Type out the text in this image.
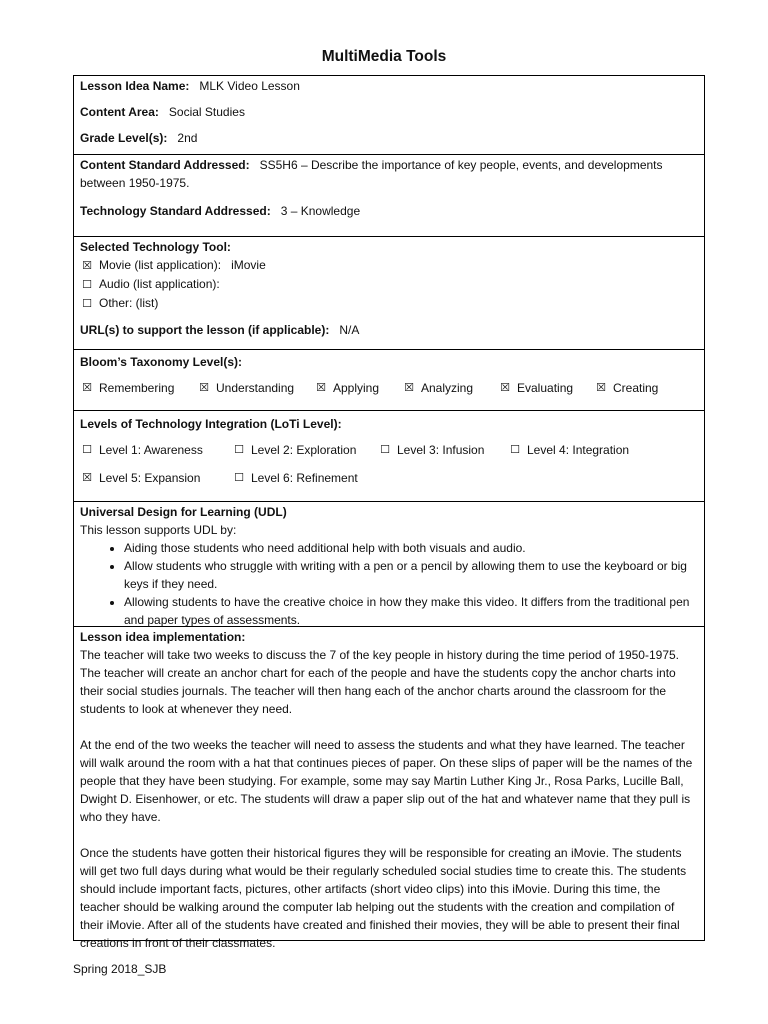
MultiMedia Tools
Lesson Idea Name: MLK Video Lesson
Content Area: Social Studies
Grade Level(s): 2nd
Content Standard Addressed: SS5H6 – Describe the importance of key people, events, and developments
between 1950-1975.
Technology Standard Addressed: 3 – Knowledge
Selected Technology Tool:
☒ Movie (list application): iMovie
☐ Audio (list application):
☐ Other: (list)
URL(s) to support the lesson (if applicable): N/A
Bloom’s Taxonomy Level(s):
☒ Remembering ☒ Understanding ☒ Applying ☒ Analyzing ☒ Evaluating ☒ Creating
Levels of Technology Integration (LoTi Level):
☐ Level 1: Awareness	☐ Level 2: Exploration ☐ Level 3: Infusion ☐ Level 4: Integration
☒ Level 5: Expansion	☐ Level 6: Refinement
Universal Design for Learning (UDL)
This lesson supports UDL by:
• Aiding those students who need additional help with both visuals and audio.
• Allow students who struggle with writing with a pen or a pencil by allowing them to use the keyboard or big keys if they need.
• Allowing students to have the creative choice in how they make this video. It differs from the traditional pen and paper types of assessments.
Lesson idea implementation:
The teacher will take two weeks to discuss the 7 of the key people in history during the time period of 1950-1975. The teacher will create an anchor chart for each of the people and have the students copy the anchor charts into their social studies journals. The teacher will then hang each of the anchor charts around the classroom for the students to look at whenever they need.
At the end of the two weeks the teacher will need to assess the students and what they have learned. The teacher will walk around the room with a hat that continues pieces of paper. On these slips of paper will be the names of the people that they have been studying. For example, some may say Martin Luther King Jr., Rosa Parks, Lucille Ball, Dwight D. Eisenhower, or etc. The students will draw a paper slip out of the hat and whatever name that they pull is who they have.
Once the students have gotten their historical figures they will be responsible for creating an iMovie. The students will get two full days during what would be their regularly scheduled social studies time to create this. The students should include important facts, pictures, other artifacts (short video clips) into this iMovie. During this time, the teacher should be walking around the computer lab helping out the students with the creation and compilation of their iMovie. After all of the students have created and finished their movies, they will be able to present their final creations in front of their classmates.
Spring 2018_SJB
